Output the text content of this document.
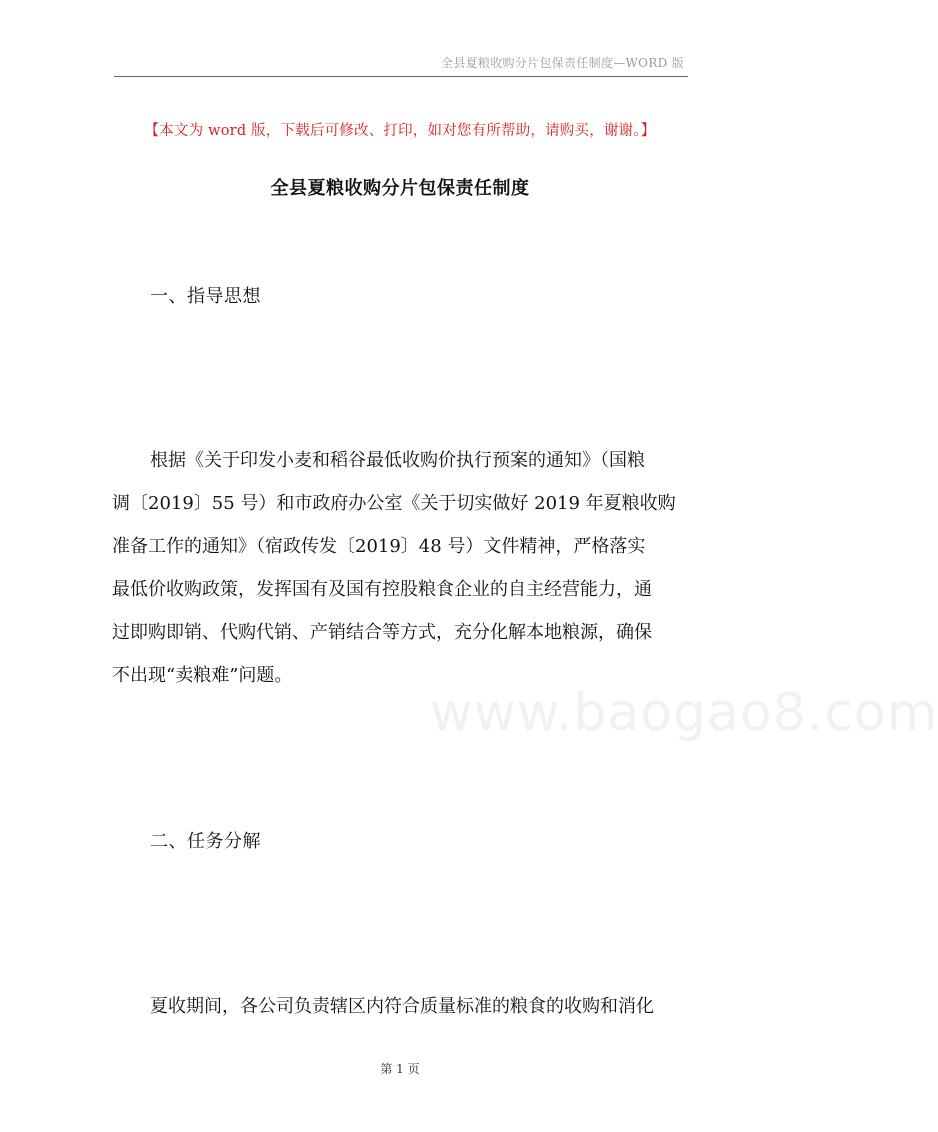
全县夏粮收购分片包保责任制度—WORD 版
【本文为 word 版，下载后可修改、打印，如对您有所帮助，请购买，谢谢。】
全县夏粮收购分片包保责任制度
一、指导思想
根据《关于印发小麦和稻谷最低收购价执行预案的通知》（国粮
调〔2019〕55 号）和市政府办公室《关于切实做好 2019 年夏粮收购
准备工作的通知》（宿政传发〔2019〕48 号）文件精神，严格落实
最低价收购政策，发挥国有及国有控股粮食企业的自主经营能力，通
过即购即销、代购代销、产销结合等方式，充分化解本地粮源，确保
不出现“卖粮难”问题。
www.baogao8.com
二、任务分解
夏收期间，各公司负责辖区内符合质量标准的粮食的收购和消化
第 1 页
